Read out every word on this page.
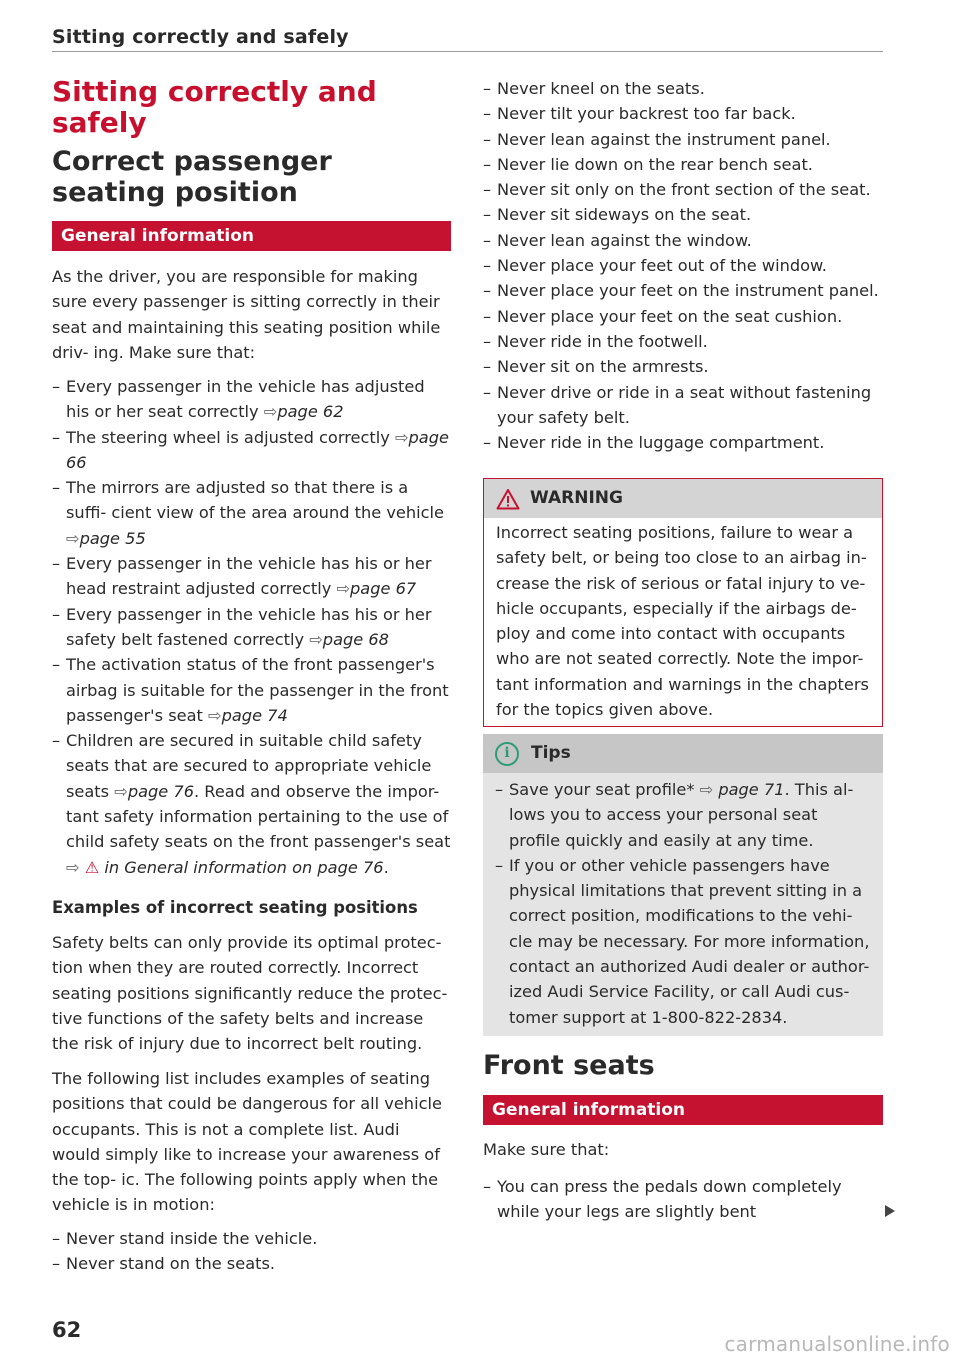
Sitting correctly and safely
Sitting correctly and safely
Correct passenger seating position
General information
As the driver, you are responsible for making sure every passenger is sitting correctly in their seat and maintaining this seating position while driv- ing. Make sure that:
– Every passenger in the vehicle has adjusted his or her seat correctly ⇨page 62
– The steering wheel is adjusted correctly ⇨page 66
– The mirrors are adjusted so that there is a suffi- cient view of the area around the vehicle ⇨page 55
– Every passenger in the vehicle has his or her head restraint adjusted correctly ⇨page 67
– Every passenger in the vehicle has his or her safety belt fastened correctly ⇨page 68
– The activation status of the front passenger's airbag is suitable for the passenger in the front passenger's seat ⇨page 74
– Children are secured in suitable child safety seats that are secured to appropriate vehicle seats ⇨page 76. Read and observe the impor- tant safety information pertaining to the use of child safety seats on the front passenger's seat ⇨ ⚠ in General information on page 76.
Examples of incorrect seating positions
Safety belts can only provide its optimal protec- tion when they are routed correctly. Incorrect seating positions significantly reduce the protec- tive functions of the safety belts and increase the risk of injury due to incorrect belt routing.
The following list includes examples of seating positions that could be dangerous for all vehicle occupants. This is not a complete list. Audi would simply like to increase your awareness of the top- ic. The following points apply when the vehicle is in motion:
– Never stand inside the vehicle.
– Never stand on the seats.
– Never kneel on the seats.
– Never tilt your backrest too far back.
– Never lean against the instrument panel.
– Never lie down on the rear bench seat.
– Never sit only on the front section of the seat.
– Never sit sideways on the seat.
– Never lean against the window.
– Never place your feet out of the window.
– Never place your feet on the instrument panel.
– Never place your feet on the seat cushion.
– Never ride in the footwell.
– Never sit on the armrests.
– Never drive or ride in a seat without fastening your safety belt.
– Never ride in the luggage compartment.
WARNING
Incorrect seating positions, failure to wear a safety belt, or being too close to an airbag in- crease the risk of serious or fatal injury to ve- hicle occupants, especially if the airbags de- ploy and come into contact with occupants who are not seated correctly. Note the impor- tant information and warnings in the chapters for the topics given above.
i	Tips
– Save your seat profile* ⇨ page 71. This al- lows you to access your personal seat profile quickly and easily at any time.
– If you or other vehicle passengers have physical limitations that prevent sitting in a correct position, modifications to the vehi- cle may be necessary. For more information, contact an authorized Audi dealer or author- ized Audi Service Facility, or call Audi cus- tomer support at 1-800-822-2834.
Front seats
General information
Make sure that:
– You can press the pedals down completely while your legs are slightly bent
62
carmanualsonline.info
